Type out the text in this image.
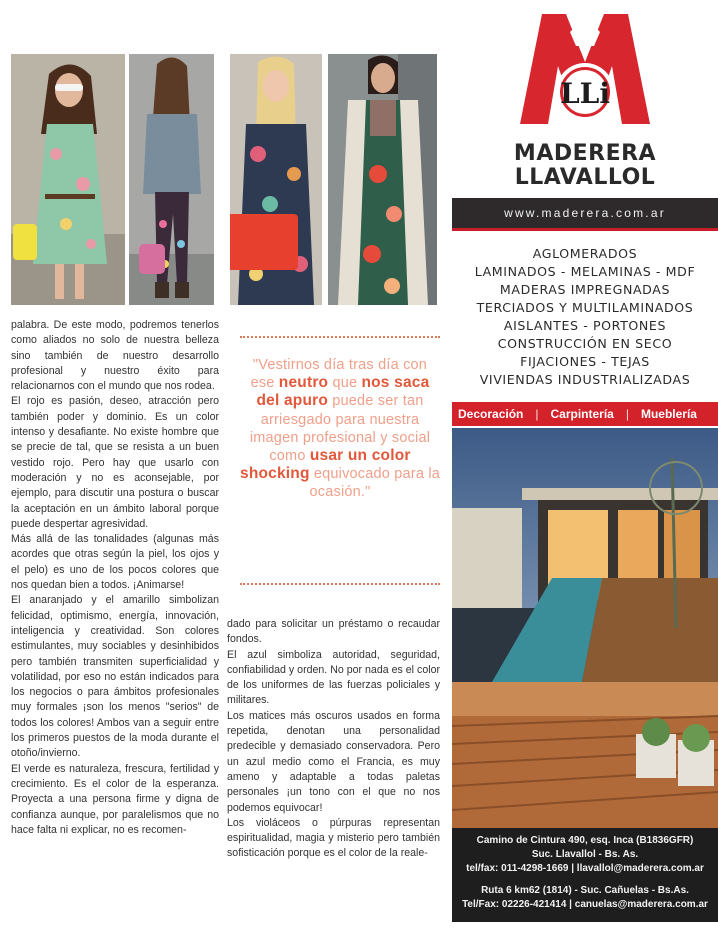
palabra. De este modo, podremos tenerlos como aliados no solo de nuestra belleza sino también de nuestro desarrollo profesional y nuestro éxito para relacionarnos con el mundo que nos rodea.

El rojo es pasión, deseo, atracción pero también poder y dominio. Es un color intenso y desafiante. No existe hombre que se precie de tal, que se resista a un buen vestido rojo. Pero hay que usarlo con moderación y no es aconsejable, por ejemplo, para discutir una postura o buscar la aceptación en un ámbito laboral porque puede despertar agresividad.

Más allá de las tonalidades (algunas más acordes que otras según la piel, los ojos y el pelo) es uno de los pocos colores que nos quedan bien a todos. ¡Animarse!

El anaranjado y el amarillo simbolizan felicidad, optimismo, energía, innovación, inteligencia y creatividad. Son colores estimulantes, muy sociables y desinhibidos pero también transmiten superficialidad y volatilidad, por eso no están indicados para los negocios o para ámbitos profesionales muy formales ¡son los menos "serios" de todos los colores! Ambos van a seguir entre los primeros puestos de la moda durante el otoño/invierno.

El verde es naturaleza, frescura, fertilidad y crecimiento. Es el color de la esperanza. Proyecta a una persona firme y digna de confianza aunque, por paralelismos que no hace falta ni explicar, no es recomen-

"Vestirnos día tras día con ese neutro que nos saca del apuro puede ser tan arriesgado para nuestra imagen profesional y social como usar un color shocking equivocado para la ocasión."

dado para solicitar un préstamo o recaudar fondos.

El azul simboliza autoridad, seguridad, confiabilidad y orden. No por nada es el color de los uniformes de las fuerzas policiales y militares.

Los matices más oscuros usados en forma repetida, denotan una personalidad predecible y demasiado conservadora. Pero un azul medio como el Francia, es muy ameno y adaptable a todas paletas personales ¡un tono con el que no nos podemos equivocar!

Los violáceos o púrpuras representan espiritualidad, magia y misterio pero también sofisticación porque es el color de la reale-

LLi
MADERERA
LLAVALLOL
www.maderera.com.ar
AGLOMERADOS
LAMINADOS - MELAMINAS - MDF
MADERAS IMPREGNADAS
TERCIADOS Y MULTILAMINADOS
AISLANTES - PORTONES
CONSTRUCCIÓN EN SECO
FIJACIONES - TEJAS
VIVIENDAS INDUSTRIALIZADAS
Decoración | Carpintería | Mueblería
Camino de Cintura 490, esq. Inca (B1836GFR)
Suc. Llavallol - Bs. As.
tel/fax: 011-4298-1669 | llavallol@maderera.com.ar
Ruta 6 km62 (1814) - Suc. Cañuelas - Bs.As.
Tel/Fax: 02226-421414 | canuelas@maderera.com.ar
